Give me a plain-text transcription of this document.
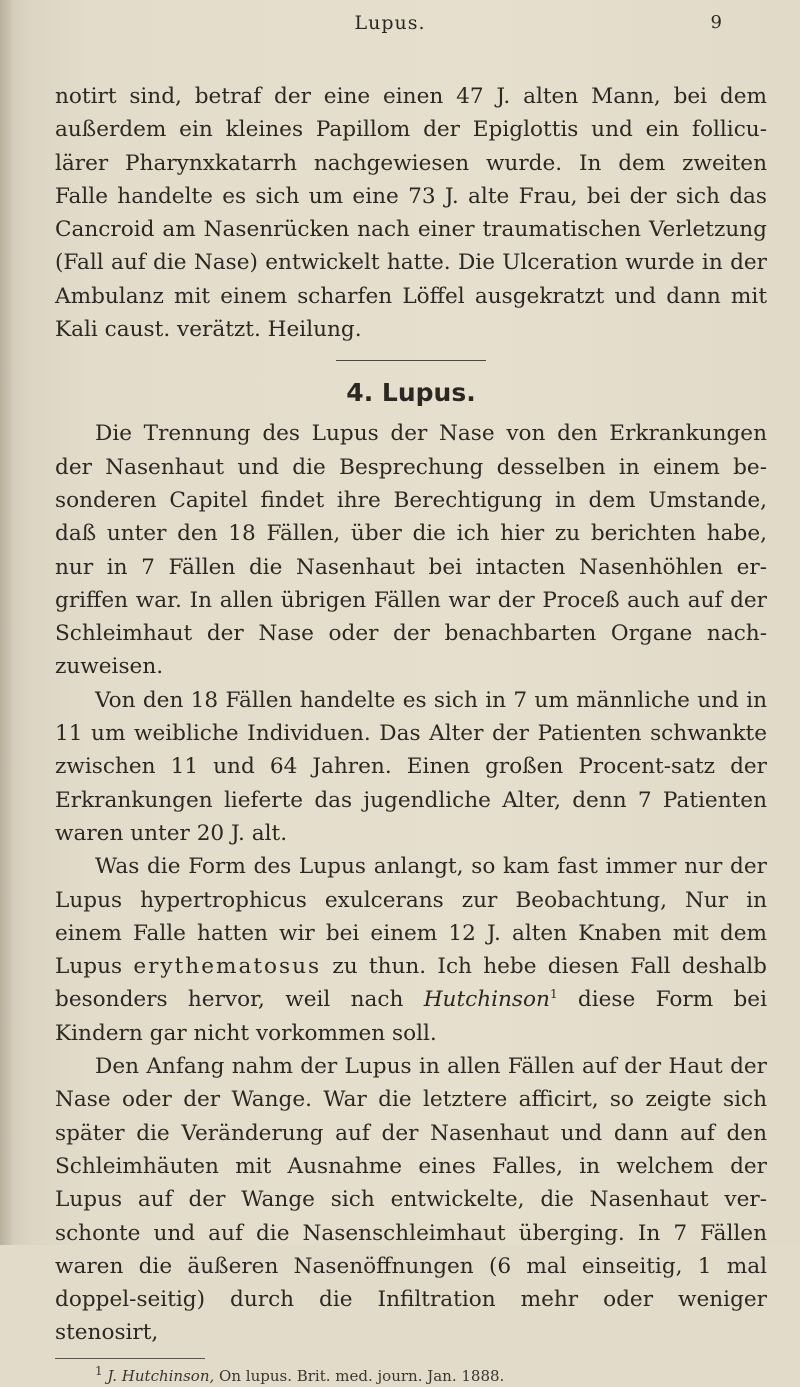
Lupus.	9

notirt sind, betraf der eine einen 47 J. alten Mann, bei dem außerdem ein kleines Papillom der Epiglottis und ein follicu-lärer Pharynxkatarrh nachgewiesen wurde. In dem zweiten Falle handelte es sich um eine 73 J. alte Frau, bei der sich das Cancroid am Nasenrücken nach einer traumatischen Verletzung (Fall auf die Nase) entwickelt hatte. Die Ulceration wurde in der Ambulanz mit einem scharfen Löffel ausgekratzt und dann mit Kali caust. verätzt. Heilung.

4. Lupus.

Die Trennung des Lupus der Nase von den Erkrankungen der Nasenhaut und die Besprechung desselben in einem be-sonderen Capitel findet ihre Berechtigung in dem Umstande, daß unter den 18 Fällen, über die ich hier zu berichten habe, nur in 7 Fällen die Nasenhaut bei intacten Nasenhöhlen er-griffen war. In allen übrigen Fällen war der Proceß auch auf der Schleimhaut der Nase oder der benachbarten Organe nach-zuweisen.

Von den 18 Fällen handelte es sich in 7 um männliche und in 11 um weibliche Individuen. Das Alter der Patienten schwankte zwischen 11 und 64 Jahren. Einen großen Procent-satz der Erkrankungen lieferte das jugendliche Alter, denn 7 Patienten waren unter 20 J. alt.

Was die Form des Lupus anlangt, so kam fast immer nur der Lupus hypertrophicus exulcerans zur Beobachtung, Nur in einem Falle hatten wir bei einem 12 J. alten Knaben mit dem Lupus erythematosus zu thun. Ich hebe diesen Fall deshalb besonders hervor, weil nach Hutchinson$^1$ diese Form bei Kindern gar nicht vorkommen soll.

Den Anfang nahm der Lupus in allen Fällen auf der Haut der Nase oder der Wange. War die letztere afficirt, so zeigte sich später die Veränderung auf der Nasenhaut und dann auf den Schleimhäuten mit Ausnahme eines Falles, in welchem der Lupus auf der Wange sich entwickelte, die Nasenhaut ver-schonte und auf die Nasenschleimhaut überging. In 7 Fällen waren die äußeren Nasenöffnungen (6 mal einseitig, 1 mal doppel-seitig) durch die Infiltration mehr oder weniger stenosirt,

$^1$ J. Hutchinson, On lupus. Brit. med. journ. Jan. 1888.
